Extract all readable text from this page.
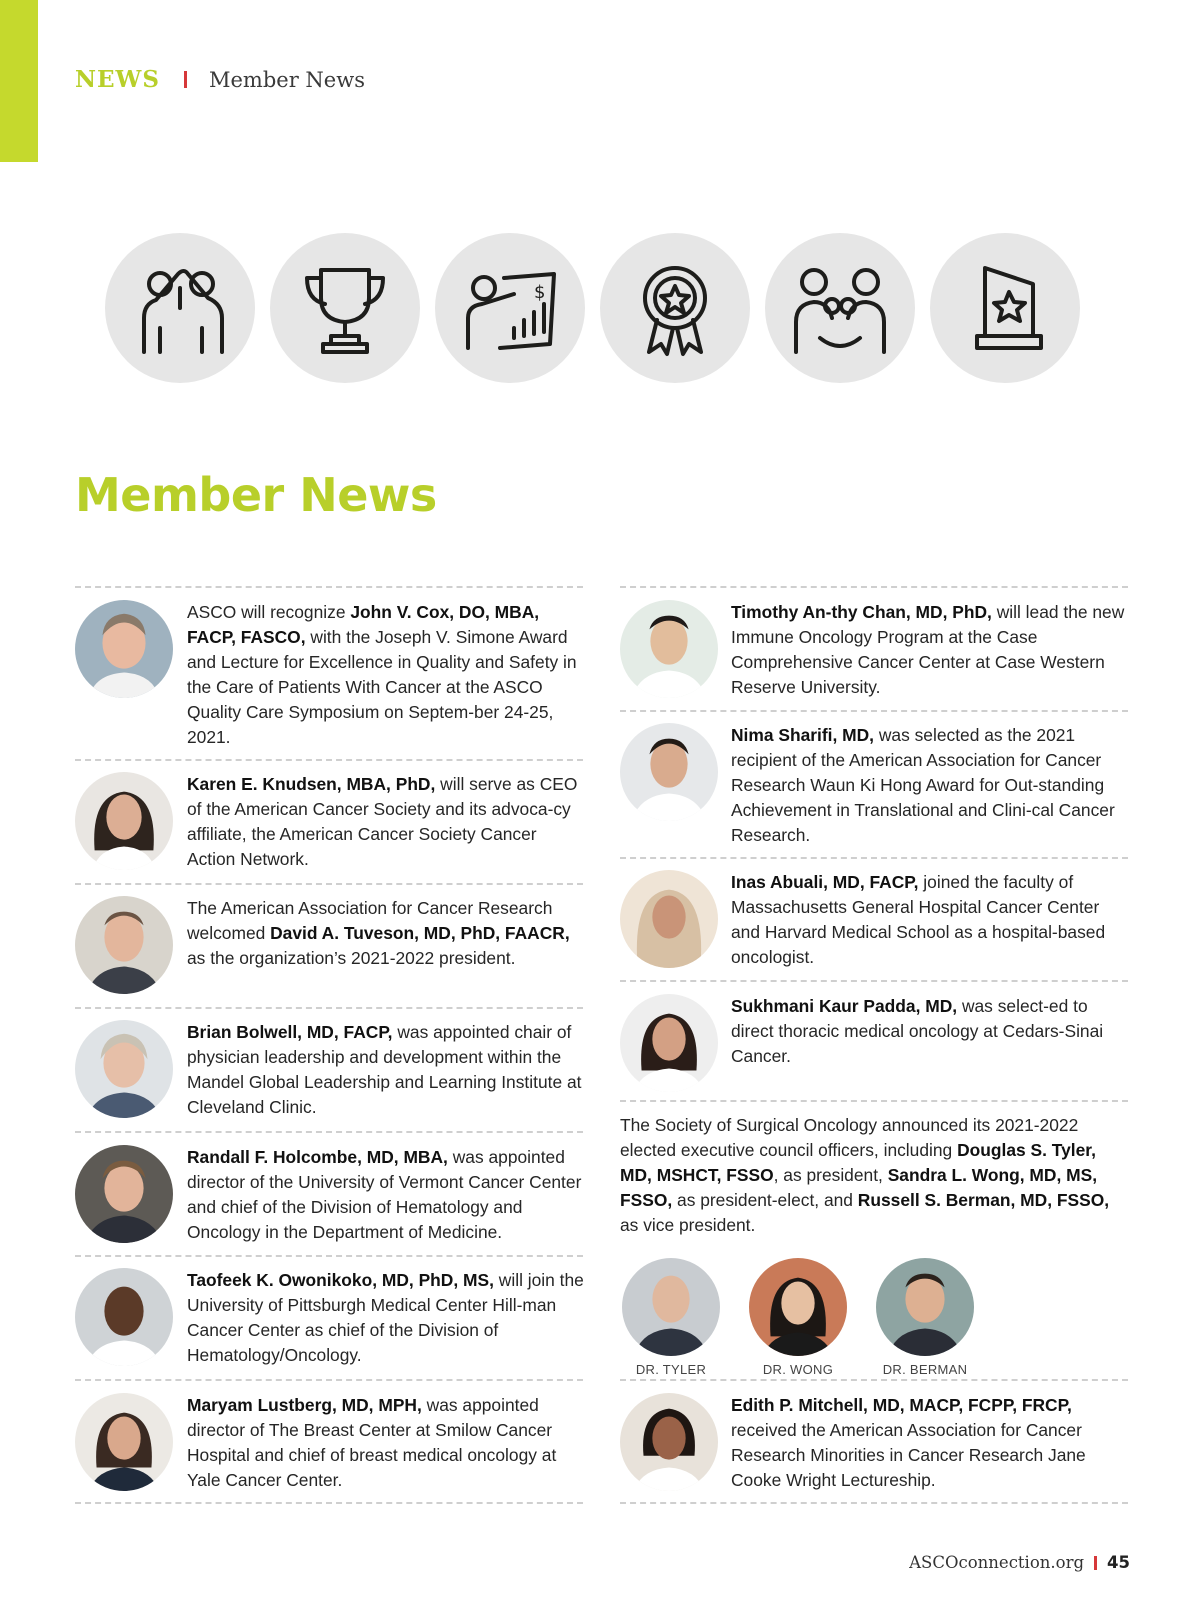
NEWS Member News
$
Member News
ASCO will recognize John V. Cox, DO, MBA, FACP, FASCO, with the Joseph V. Simone Award and Lecture for Excellence in Quality and Safety in the Care of Patients With Cancer at the ASCO Quality Care Symposium on Septem-ber 24-25, 2021.
Karen E. Knudsen, MBA, PhD, will serve as CEO of the American Cancer Society and its advoca-cy affiliate, the American Cancer Society Cancer Action Network.
The American Association for Cancer Research welcomed David A. Tuveson, MD, PhD, FAACR, as the organization’s 2021-2022 president.
Brian Bolwell, MD, FACP, was appointed chair of physician leadership and development within the Mandel Global Leadership and Learning Institute at Cleveland Clinic.
Randall F. Holcombe, MD, MBA, was appointed director of the University of Vermont Cancer Center and chief of the Division of Hematology and Oncology in the Department of Medicine.
Taofeek K. Owonikoko, MD, PhD, MS, will join the University of Pittsburgh Medical Center Hill-man Cancer Center as chief of the Division of Hematology/Oncology.
Maryam Lustberg, MD, MPH, was appointed director of The Breast Center at Smilow Cancer Hospital and chief of breast medical oncology at Yale Cancer Center.
Timothy An-thy Chan, MD, PhD, will lead the new Immune Oncology Program at the Case Comprehensive Cancer Center at Case Western Reserve University.
Nima Sharifi, MD, was selected as the 2021 recipient of the American Association for Cancer Research Waun Ki Hong Award for Out-standing Achievement in Translational and Clini-cal Cancer Research.
Inas Abuali, MD, FACP, joined the faculty of Massachusetts General Hospital Cancer Center and Harvard Medical School as a hospital-based oncologist.
Sukhmani Kaur Padda, MD, was select-ed to direct thoracic medical oncology at Cedars-Sinai Cancer.
The Society of Surgical Oncology announced its 2021-2022 elected executive council officers, including Douglas S. Tyler, MD, MSHCT, FSSO, as president, Sandra L. Wong, MD, MS, FSSO, as president-elect, and Russell S. Berman, MD, FSSO, as vice president.
DR. TYLER	DR. WONG	DR. BERMAN
Edith P. Mitchell, MD, MACP, FCPP, FRCP, received the American Association for Cancer Research Minorities in Cancer Research Jane Cooke Wright Lectureship.
ASCOconnection.org 45
